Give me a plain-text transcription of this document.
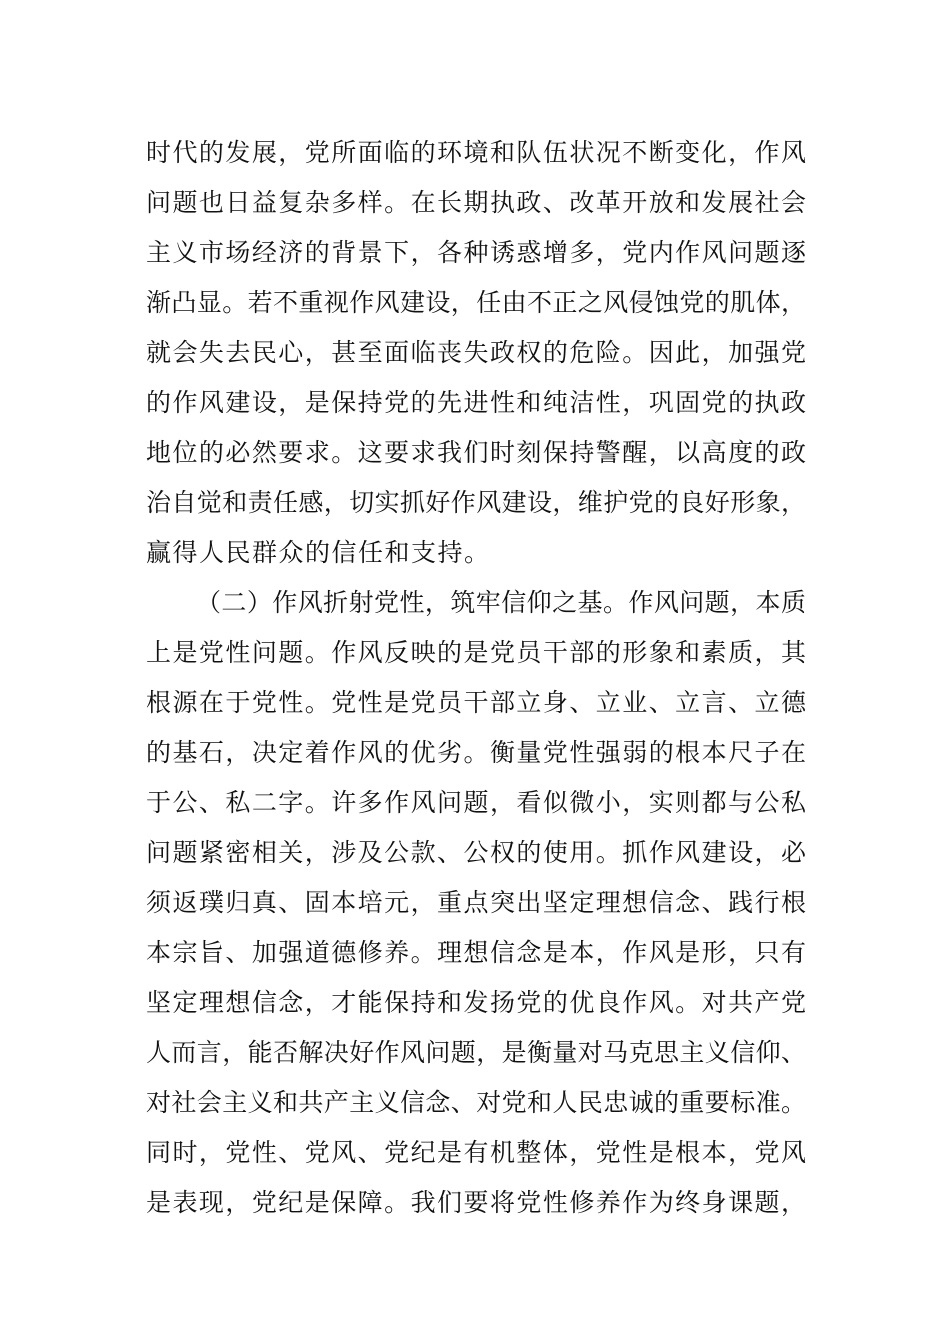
时代的发展，党所面临的环境和队伍状况不断变化，作风
问题也日益复杂多样。在长期执政、改革开放和发展社会
主义市场经济的背景下，各种诱惑增多，党内作风问题逐
渐凸显。若不重视作风建设，任由不正之风侵蚀党的肌体，
就会失去民心，甚至面临丧失政权的危险。因此，加强党
的作风建设，是保持党的先进性和纯洁性，巩固党的执政
地位的必然要求。这要求我们时刻保持警醒，以高度的政
治自觉和责任感，切实抓好作风建设，维护党的良好形象，
赢得人民群众的信任和支持。
（二）作风折射党性，筑牢信仰之基。作风问题，本质
上是党性问题。作风反映的是党员干部的形象和素质，其
根源在于党性。党性是党员干部立身、立业、立言、立德
的基石，决定着作风的优劣。衡量党性强弱的根本尺子在
于公、私二字。许多作风问题，看似微小，实则都与公私
问题紧密相关，涉及公款、公权的使用。抓作风建设，必
须返璞归真、固本培元，重点突出坚定理想信念、践行根
本宗旨、加强道德修养。理想信念是本，作风是形，只有
坚定理想信念，才能保持和发扬党的优良作风。对共产党
人而言，能否解决好作风问题，是衡量对马克思主义信仰、
对社会主义和共产主义信念、对党和人民忠诚的重要标准。
同时，党性、党风、党纪是有机整体，党性是根本，党风
是表现，党纪是保障。我们要将党性修养作为终身课题，
